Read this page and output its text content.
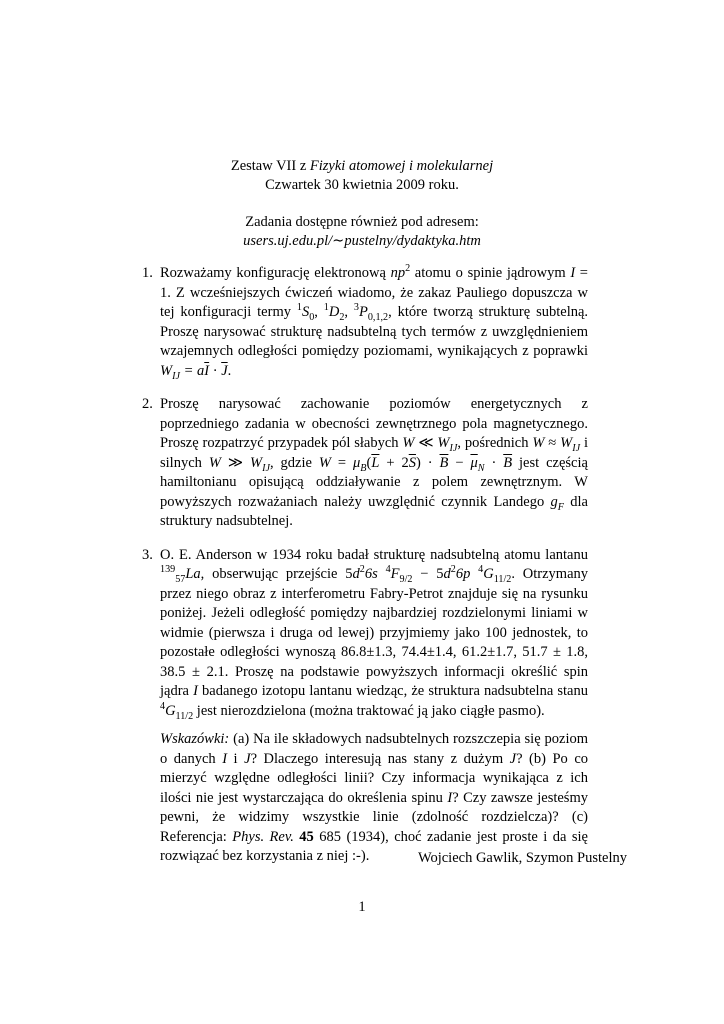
Zestaw VII z Fizyki atomowej i molekularnej
Czwartek 30 kwietnia 2009 roku.
Zadania dostępne również pod adresem:
users.uj.edu.pl/∼pustelny/dydaktyka.htm
1. Rozważamy konfigurację elektronową $np^2$ atomu o spinie jądrowym I = 1. Z wcześniejszych ćwiczeń wiadomo, że zakaz Pauliego dopuszcza w tej konfiguracji termy $^1S_0$, $^1D_2$, $^3P_{0,1,2}$, które tworzą strukturę subtelną. Proszę narysować strukturę nadsubtelną tych termów z uwzględnieniem wzajemnych odległości pomiędzy poziomami, wynikających z poprawki $W_{IJ} = a\overline{I} \cdot \overline{J}$.
2. Proszę narysować zachowanie poziomów energetycznych z poprzedniego zadania w obecności zewnętrznego pola magnetycznego. Proszę rozpatrzyć przypadek pól słabych W ≪ $W_{IJ}$, pośrednich $W \approx W_{IJ}$ i silnych W ≫ $W_{IJ}$, gdzie $W = \mu_B(\overline{L} + 2\overline{S}) \cdot \overline{B} - \overline{\mu}_N \cdot \overline{B}$ jest częścią hamiltonianu opisującą oddziaływanie z polem zewnętrznym. W powyższych rozważaniach należy uwzględnić czynnik Landego $g_F$ dla struktury nadsubtelnej.
3. O. E. Anderson w 1934 roku badał strukturę nadsubtelną atomu lantanu $^{139}_{57}$La, obserwując przejście $5d^26s$ $^4F_{9/2} - 5d^26p$ $^4G_{11/2}$. Otrzymany przez niego obraz z interferometru Fabry-Petrot znajduje się na rysunku poniżej. Jeżeli odległość pomiędzy najbardziej rozdzielonymi liniami w widmie (pierwsza i druga od lewej) przyjmiemy jako 100 jednostek, to pozostałe odległości wynoszą 86.8±1.3, 74.4±1.4, 61.2±1.7, 51.7 ± 1.8, 38.5 ± 2.1. Proszę na podstawie powyższych informacji określić spin jądra I badanego izotopu lantanu wiedząc, że struktura nadsubtelna stanu $^4G_{11/2}$ jest nierozdzielona (można traktować ją jako ciągłe pasmo).
Wskazówki: (a) Na ile składowych nadsubtelnych rozszczepia się poziom o danych I i J? Dlaczego interesują nas stany z dużym J? (b) Po co mierzyć względne odległości linii? Czy informacja wynikająca z ich ilości nie jest wystarczająca do określenia spinu I? Czy zawsze jesteśmy pewni, że widzimy wszystkie linie (zdolność rozdzielcza)? (c) Referencja: Phys. Rev. 45 685 (1934), choć zadanie jest proste i da się rozwiązać bez korzystania z niej :-).	Wojciech Gawlik, Szymon Pustelny
1
